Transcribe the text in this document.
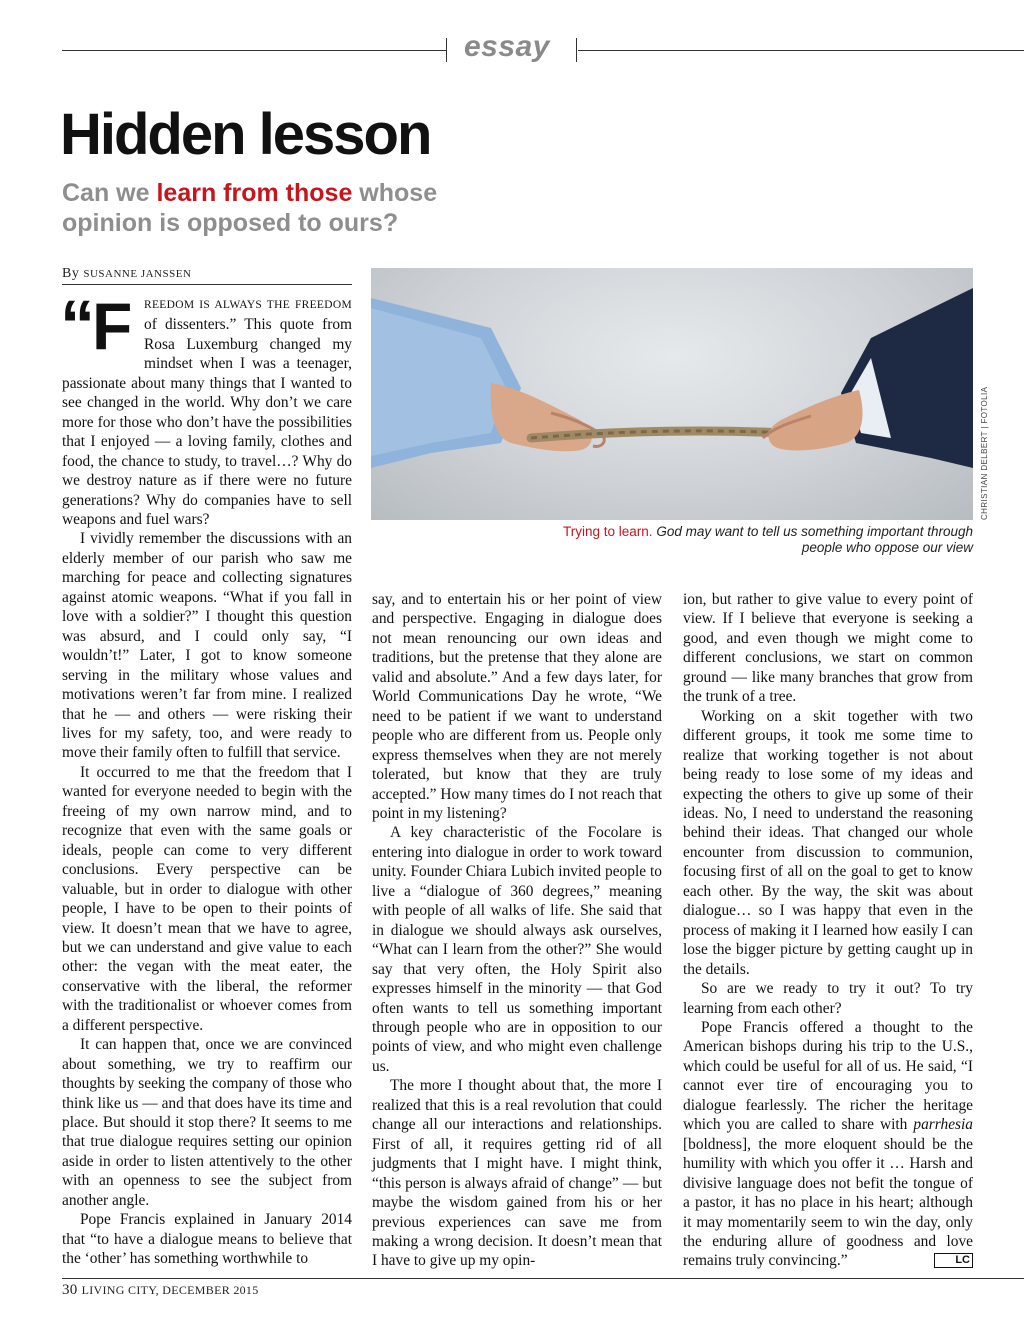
essay
Hidden lesson

Can we learn from those whose opinion is opposed to ours?

By SUSANNE JANSSEN
CHRISTIAN DELBERT | FOTOLIA
Trying to learn. God may want to tell us something important through people who oppose our view

“
F REEDOM IS ALWAYS THE FREEDOM of dissenters.” This quote from Rosa Luxemburg changed my mindset when I was a teenager, passionate about many things that I wanted to see changed in the world. Why don’t we care more for those who don’t have the possibilities that I enjoyed — a loving family, clothes and food, the chance to study, to travel…? Why do we destroy nature as if there were no future generations? Why do companies have to sell weapons and fuel wars?

I vividly remember the discussions with an elderly member of our parish who saw me marching for peace and collecting signatures against atomic weapons. “What if you fall in love with a soldier?” I thought this question was absurd, and I could only say, “I wouldn’t!” Later, I got to know someone serving in the military whose values and motivations weren’t far from mine. I realized that he — and others — were risking their lives for my safety, too, and were ready to move their family often to fulfill that service.

It occurred to me that the freedom that I wanted for everyone needed to begin with the freeing of my own narrow mind, and to recognize that even with the same goals or ideals, people can come to very different conclusions. Every perspective can be valuable, but in order to dialogue with other people, I have to be open to their points of view. It doesn’t mean that we have to agree, but we can understand and give value to each other: the vegan with the meat eater, the conservative with the liberal, the reformer with the traditionalist or whoever comes from a different perspective.

It can happen that, once we are convinced about something, we try to reaffirm our thoughts by seeking the company of those who think like us — and that does have its time and place. But should it stop there? It seems to me that true dialogue requires setting our opinion aside in order to listen attentively to the other with an openness to see the subject from another angle.

Pope Francis explained in January 2014 that “to have a dialogue means to believe that the ‘other’ has something worthwhile to

say, and to entertain his or her point of view and perspective. Engaging in dialogue does not mean renouncing our own ideas and traditions, but the pretense that they alone are valid and absolute.” And a few days later, for World Communications Day he wrote, “We need to be patient if we want to understand people who are different from us. People only express themselves when they are not merely tolerated, but know that they are truly accepted.” How many times do I not reach that point in my listening?

A key characteristic of the Focolare is entering into dialogue in order to work toward unity. Founder Chiara Lubich invited people to live a “dialogue of 360 degrees,” meaning with people of all walks of life. She said that in dialogue we should always ask ourselves, “What can I learn from the other?” She would say that very often, the Holy Spirit also expresses himself in the minority — that God often wants to tell us something important through people who are in opposition to our points of view, and who might even challenge us.

The more I thought about that, the more I realized that this is a real revolution that could change all our interactions and relationships. First of all, it requires getting rid of all judgments that I might have. I might think, “this person is always afraid of change” — but maybe the wisdom gained from his or her previous experiences can save me from making a wrong decision. It doesn’t mean that I have to give up my opin-

ion, but rather to give value to every point of view. If I believe that everyone is seeking a good, and even though we might come to different conclusions, we start on common ground — like many branches that grow from the trunk of a tree.

Working on a skit together with two different groups, it took me some time to realize that working together is not about being ready to lose some of my ideas and expecting the others to give up some of their ideas. No, I need to understand the reasoning behind their ideas. That changed our whole encounter from discussion to communion, focusing first of all on the goal to get to know each other. By the way, the skit was about dialogue… so I was happy that even in the process of making it I learned how easily I can lose the bigger picture by getting caught up in the details.

So are we ready to try it out? To try learning from each other?

Pope Francis offered a thought to the American bishops during his trip to the U.S., which could be useful for all of us. He said, “I cannot ever tire of encouraging you to dialogue fearlessly. The richer the heritage which you are called to share with parrhesia [boldness], the more eloquent should be the humility with which you offer it … Harsh and divisive language does not befit the tongue of a pastor, it has no place in his heart; although it may momentarily seem to win the day, only the enduring allure of goodness and love remains truly convincing.”	LC

30 LIVING CITY, DECEMBER 2015
